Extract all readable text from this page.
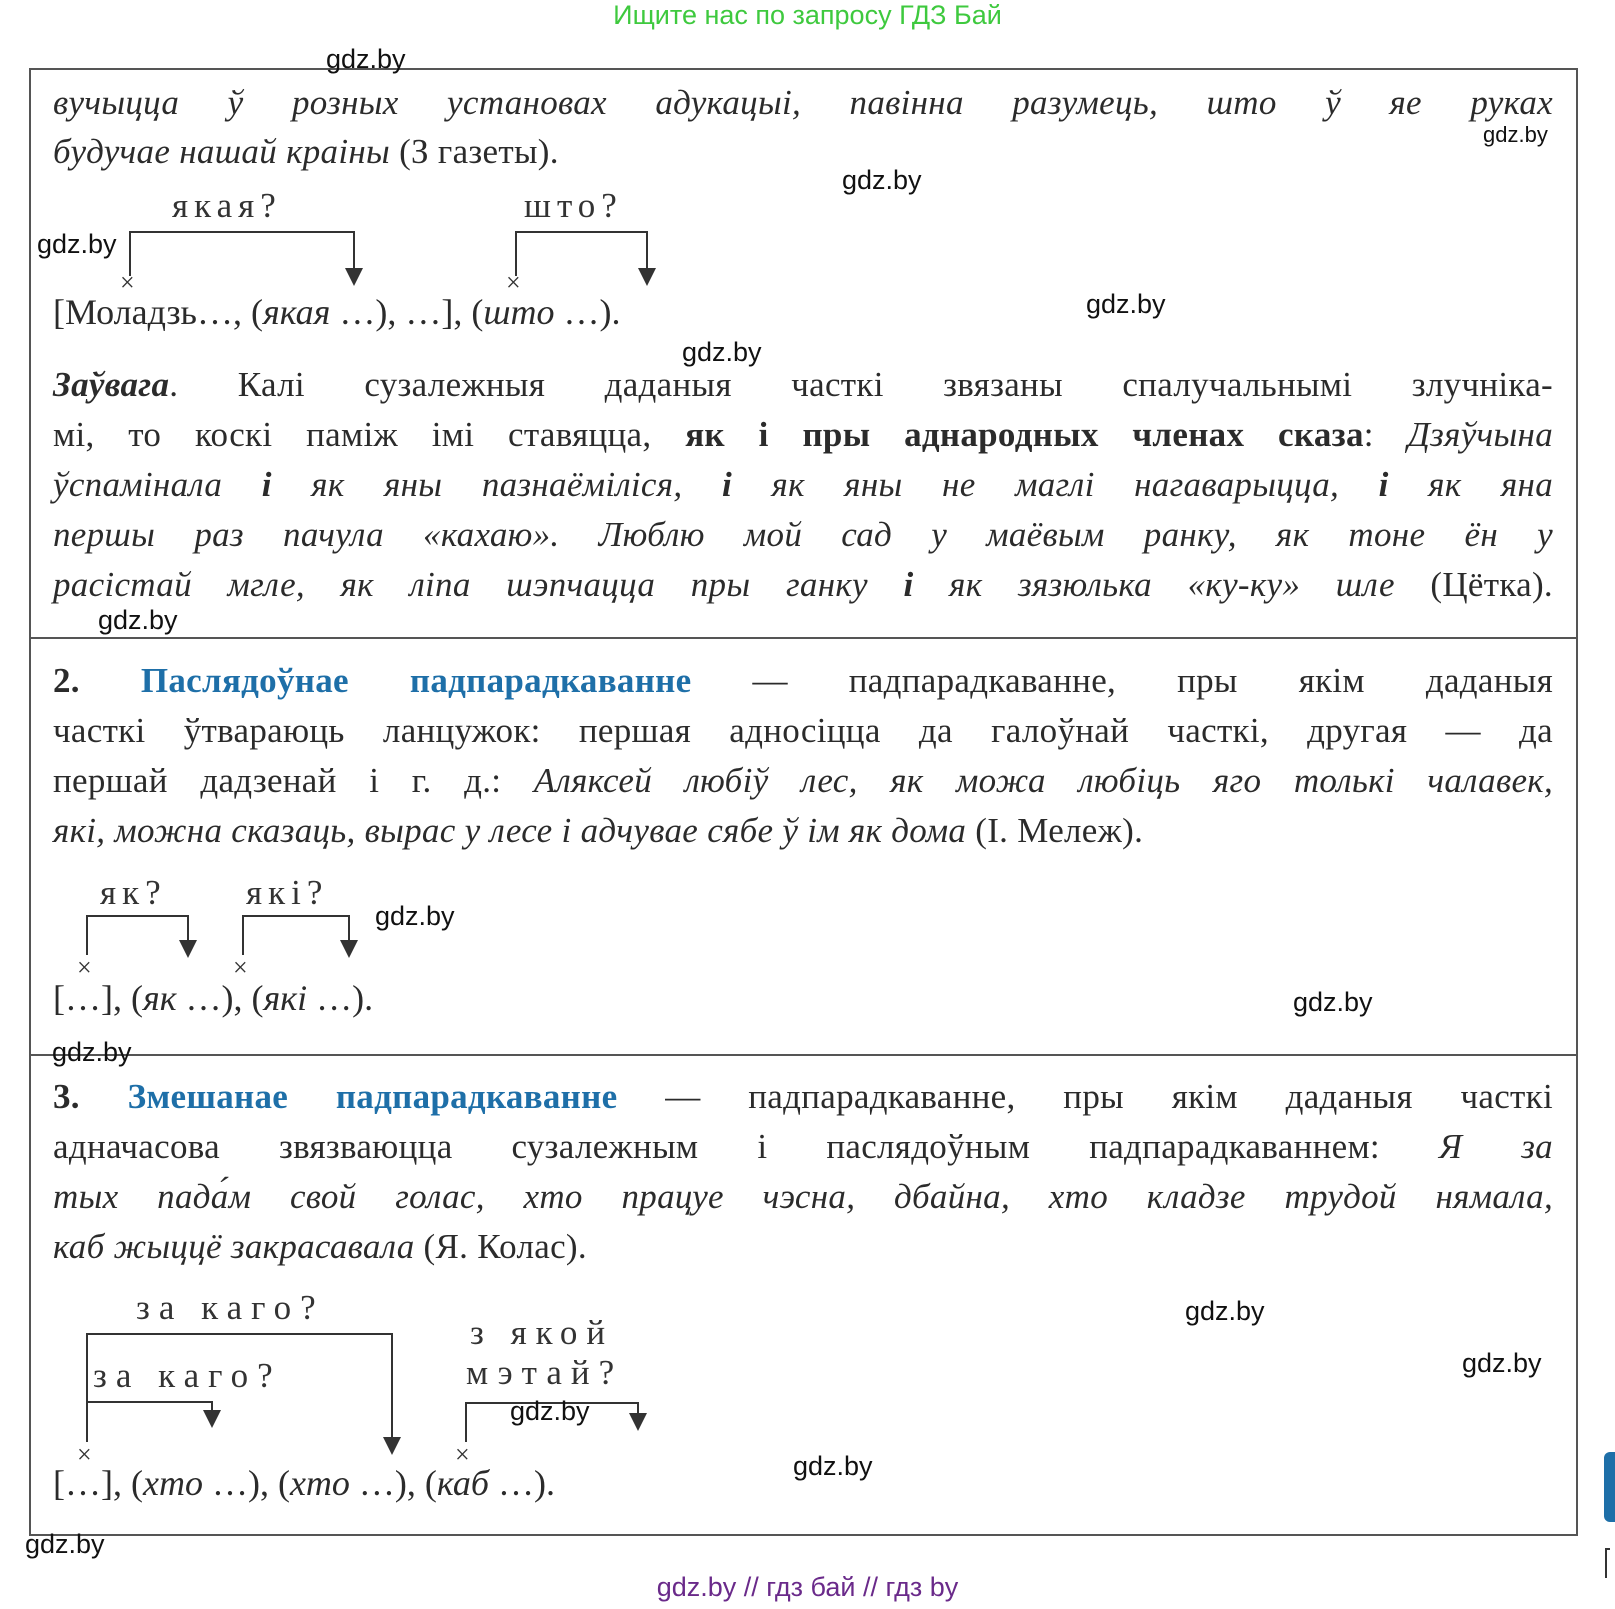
Ищите нас по запросу ГДЗ Бай
вучыцца ў розных установах адукацыі, павінна разумець, што ў яе руках
будучае нашай краіны (З газеты).
якая?	што?
×	×
[Моладзь…, (якая …), …], (што …).
Заўвага. Калі сузалежныя даданыя часткі звязаны спалучальнымі злучніка-
мі, то коскі паміж імі ставяцца, як і пры аднародных членах сказа: Дзяўчына
ўспамінала і як яны пазнаёміліся, і як яны не маглі нагаварыцца, і як яна
першы раз пачула «кахаю». Люблю мой сад у маёвым ранку, як тоне ён у
расістай мгле, як ліпа шэпчацца пры ганку і як зязюлька «ку-ку» шле (Цётка).
2. Паслядоўнае падпарадкаванне — падпарадкаванне, пры якім даданыя
часткі ўтвараюць ланцужок: першая адносіцца да галоўнай часткі, другая — да
першай дадзенай і г. д.: Аляксей любіў лес, як можа любіць яго толькі чалавек,
які, можна сказаць, вырас у лесе і адчувае сябе ў ім як дома (І. Мележ).
як? які?
×	×
[…], (як …), (які …).
3. Змешанае падпарадкаванне — падпарадкаванне, пры якім даданыя часткі
адначасова звязваюцца сузалежным і паслядоўным падпарадкаваннем: Я за
тых пада́м свой голас, хто працуе чэсна, дбайна, хто кладзе трудой нямала,
каб жыццё закрасавала (Я. Колас).
за каго?
за каго?
з якой
мэтай?
×	×
[…], (хто …), (хто …), (каб …).
gdz.by
gdz.by
gdz.by
gdz.by
gdz.by
gdz.by
gdz.by
gdz.by
gdz.by
gdz.by
gdz.by
gdz.by
gdz.by
gdz.by
gdz.by
gdz.by // гдз бай // гдз by
